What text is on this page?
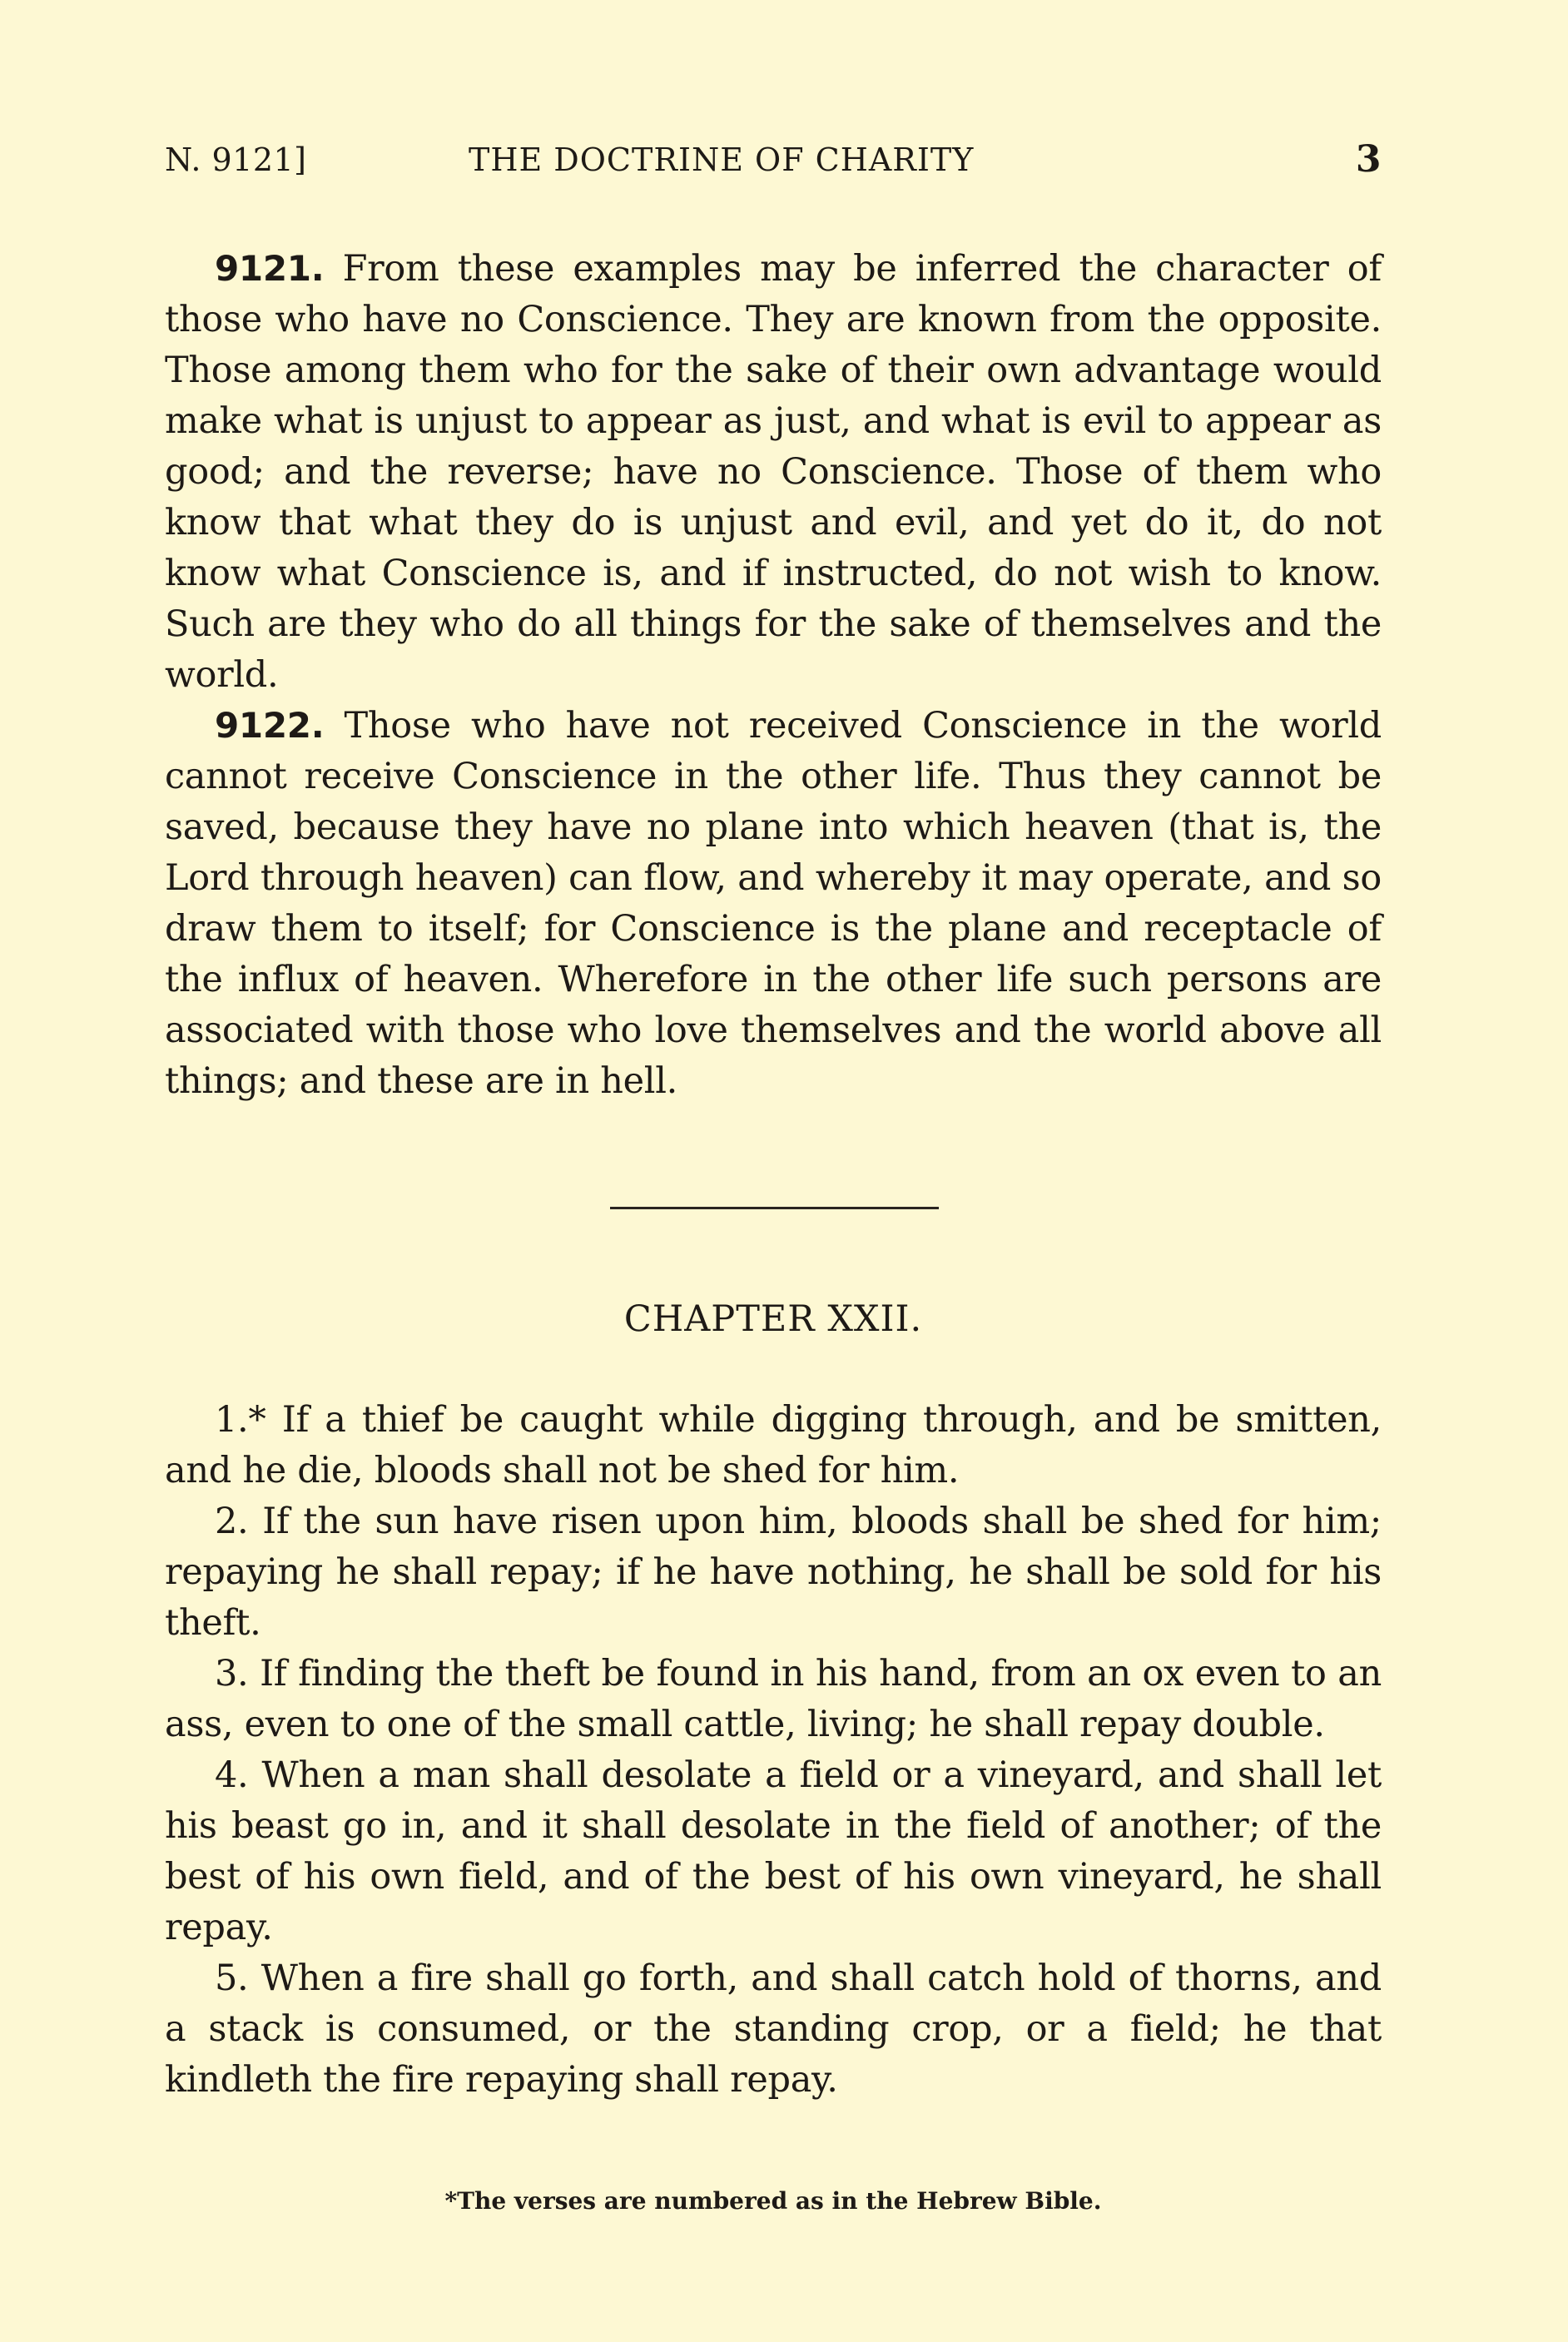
N. 9121]	THE DOCTRINE OF CHARITY	3

9121. From these examples may be inferred the character of those who have no Conscience. They are known from the opposite. Those among them who for the sake of their own advantage would make what is unjust to appear as just, and what is evil to appear as good; and the reverse; have no Conscience. Those of them who know that what they do is unjust and evil, and yet do it, do not know what Conscience is, and if instructed, do not wish to know. Such are they who do all things for the sake of themselves and the world.

9122. Those who have not received Conscience in the world cannot receive Conscience in the other life. Thus they cannot be saved, because they have no plane into which heaven (that is, the Lord through heaven) can flow, and whereby it may operate, and so draw them to itself; for Conscience is the plane and receptacle of the influx of heaven. Wherefore in the other life such persons are associated with those who love themselves and the world above all things; and these are in hell.

CHAPTER XXII.

1.* If a thief be caught while digging through, and be smitten, and he die, bloods shall not be shed for him.

2. If the sun have risen upon him, bloods shall be shed for him; repaying he shall repay; if he have nothing, he shall be sold for his theft.

3. If finding the theft be found in his hand, from an ox even to an ass, even to one of the small cattle, living; he shall repay double.

4. When a man shall desolate a field or a vineyard, and shall let his beast go in, and it shall desolate in the field of another; of the best of his own field, and of the best of his own vineyard, he shall repay.

5. When a fire shall go forth, and shall catch hold of thorns, and a stack is consumed, or the standing crop, or a field; he that kindleth the fire repaying shall repay.

*The verses are numbered as in the Hebrew Bible.
